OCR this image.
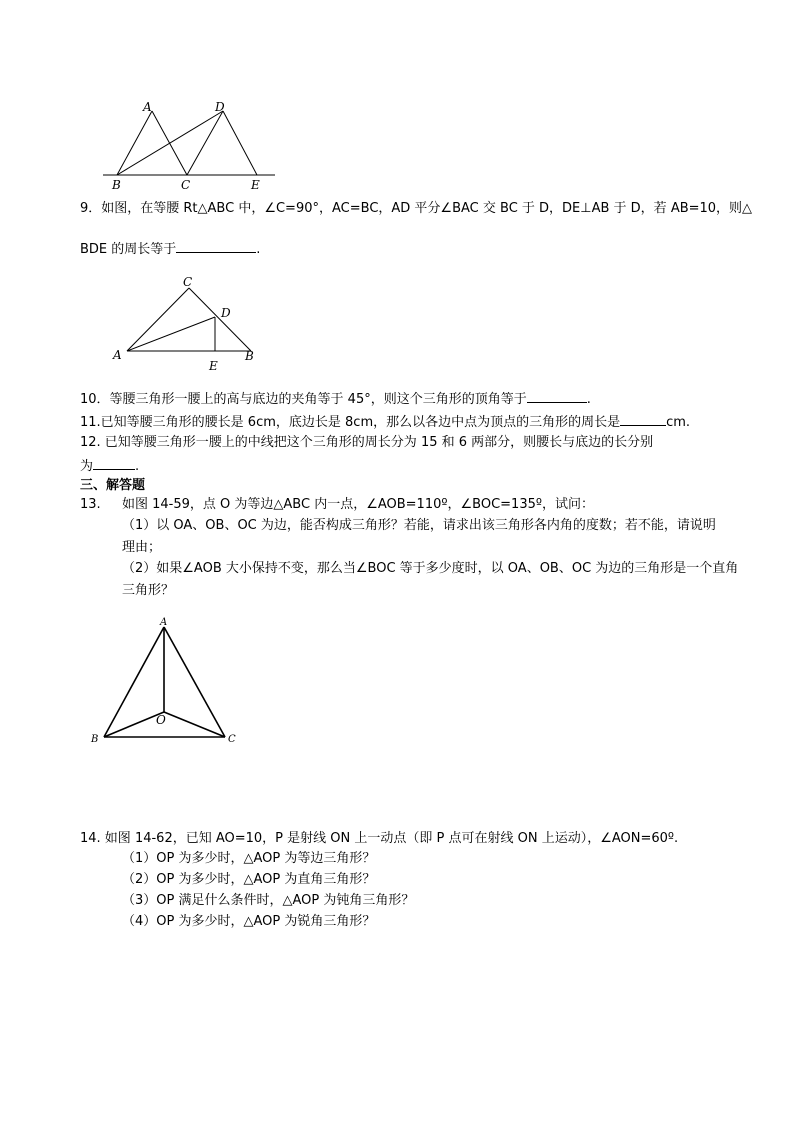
A	D
B	C	E
9．如图，在等腰 Rt△ABC 中，∠C=90°，AC=BC，AD 平分∠BAC 交 BC 于 D，DE⊥AB 于 D，若 AB=10，则△
BDE 的周长等于	.
C
D
A
E
B
10．等腰三角形一腰上的高与底边的夹角等于 45°，则这个三角形的顶角等于	.
11.已知等腰三角形的腰长是 6cm，底边长是 8cm，那么以各边中点为顶点的三角形的周长是	cm.
12. 已知等腰三角形一腰上的中线把这个三角形的周长分为 15 和 6 两部分，则腰长与底边的长分别
为	.
三、解答题
13. 如图 14-59，点 O 为等边△ABC 内一点，∠AOB=110º，∠BOC=135º，试问：
（1）以 OA、OB、OC 为边，能否构成三角形？若能，请求出该三角形各内角的度数；若不能，请说明
理由；
（2）如果∠AOB 大小保持不变，那么当∠BOC 等于多少度时，以 OA、OB、OC 为边的三角形是一个直角
三角形？
A
O
B	C
14. 如图 14-62，已知 AO=10，P 是射线 ON 上一动点（即 P 点可在射线 ON 上运动），∠AON=60º.
（1）OP 为多少时，△AOP 为等边三角形？
（2）OP 为多少时，△AOP 为直角三角形？
（3）OP 满足什么条件时，△AOP 为钝角三角形？
（4）OP 为多少时，△AOP 为锐角三角形？
